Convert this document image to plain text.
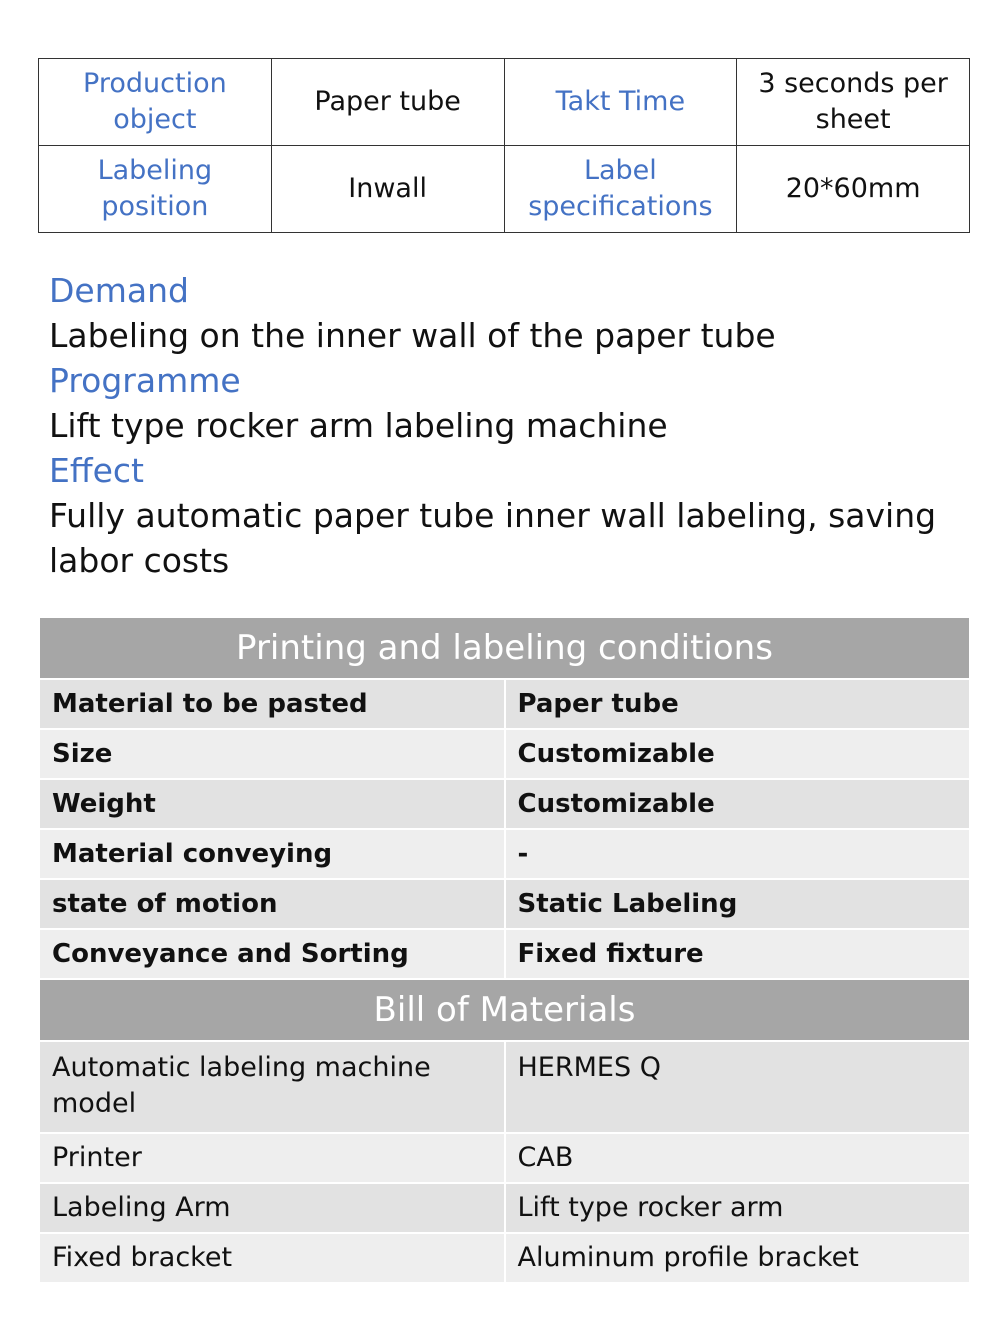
Production object	Paper tube	Takt Time	3 seconds per sheet
Labeling position	Inwall	Label specifications	20*60mm
Demand
Labeling on the inner wall of the paper tube
Programme
Lift type rocker arm labeling machine
Effect
Fully automatic paper tube inner wall labeling, saving labor costs
Printing and labeling conditions	
Material to be pasted	Paper tube
Size	Customizable
Weight	Customizable
Material conveying	-
state of motion	Static Labeling
Conveyance and Sorting	Fixed fixture
Bill of Materials	
Automatic labeling machine model	HERMES Q
Printer	CAB
Labeling Arm	Lift type rocker arm
Fixed bracket	Aluminum profile bracket
